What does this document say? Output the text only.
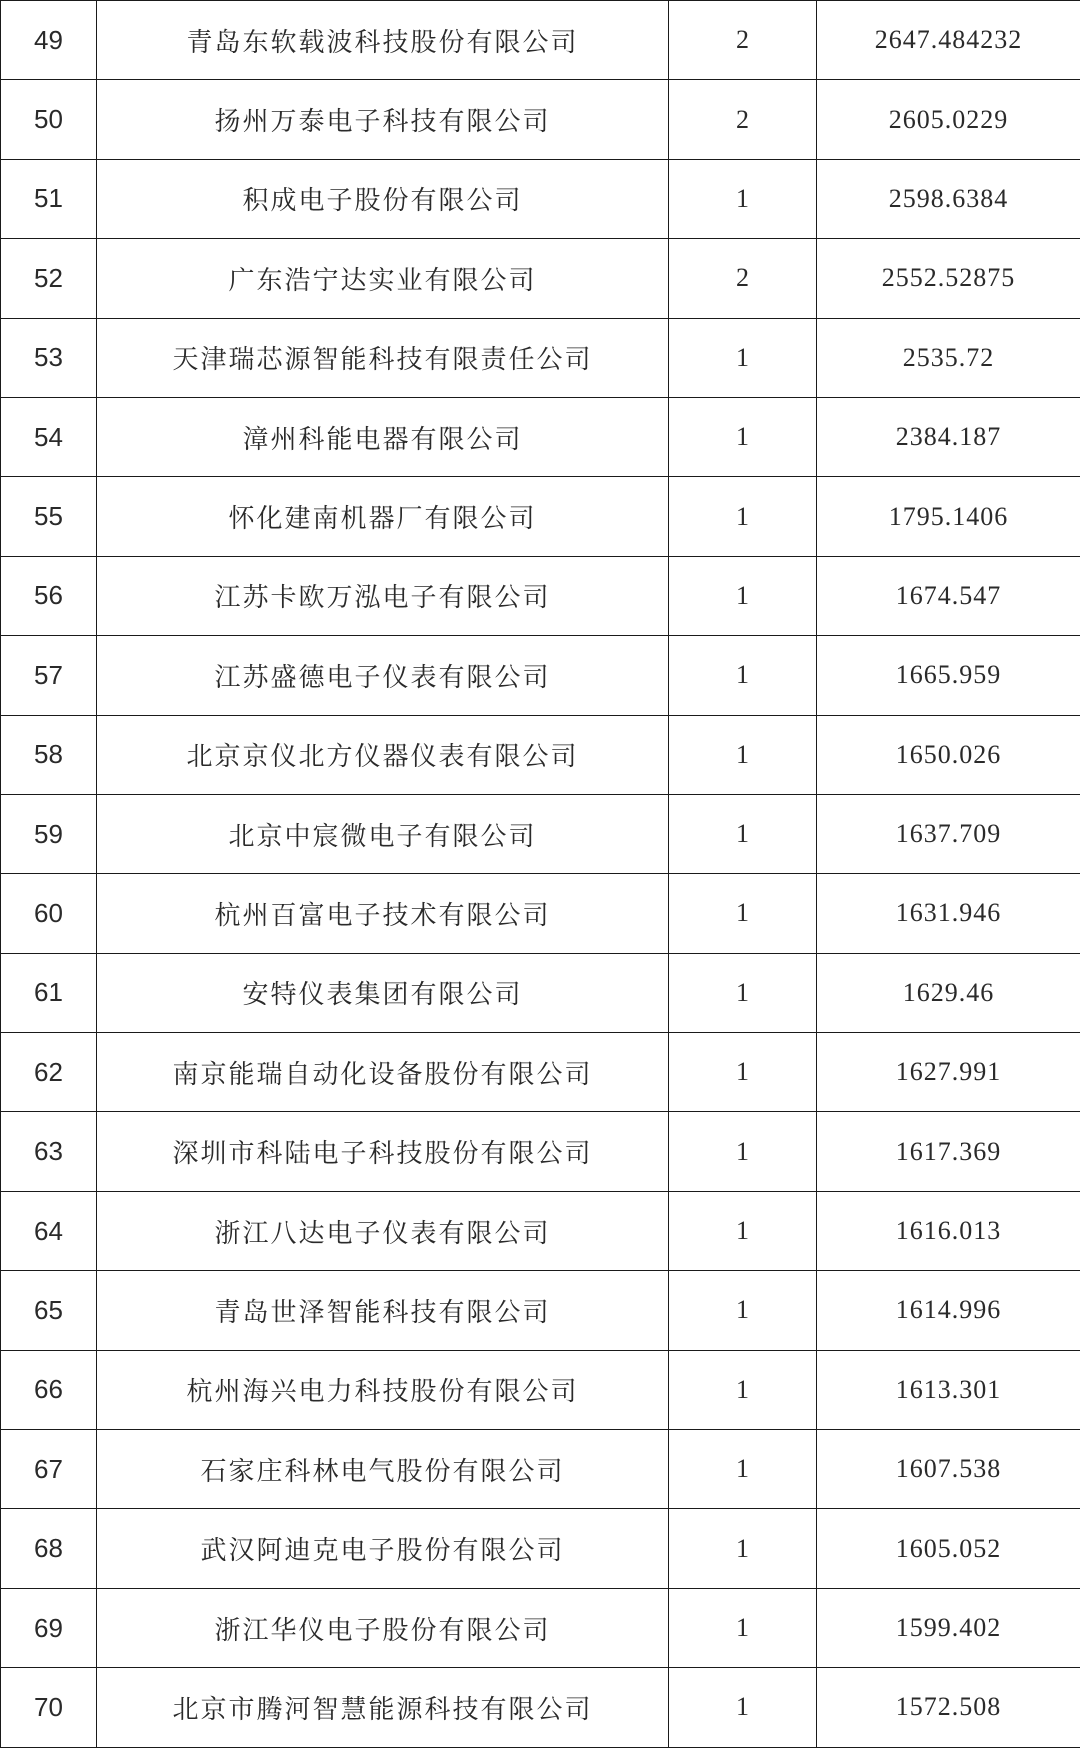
49	青岛东软载波科技股份有限公司	2	2647.484232
50	扬州万泰电子科技有限公司	2	2605.0229
51	积成电子股份有限公司	1	2598.6384
52	广东浩宁达实业有限公司	2	2552.52875
53	天津瑞芯源智能科技有限责任公司	1	2535.72
54	漳州科能电器有限公司	1	2384.187
55	怀化建南机器厂有限公司	1	1795.1406
56	江苏卡欧万泓电子有限公司	1	1674.547
57	江苏盛德电子仪表有限公司	1	1665.959
58	北京京仪北方仪器仪表有限公司	1	1650.026
59	北京中宸微电子有限公司	1	1637.709
60	杭州百富电子技术有限公司	1	1631.946
61	安特仪表集团有限公司	1	1629.46
62	南京能瑞自动化设备股份有限公司	1	1627.991
63	深圳市科陆电子科技股份有限公司	1	1617.369
64	浙江八达电子仪表有限公司	1	1616.013
65	青岛世泽智能科技有限公司	1	1614.996
66	杭州海兴电力科技股份有限公司	1	1613.301
67	石家庄科林电气股份有限公司	1	1607.538
68	武汉阿迪克电子股份有限公司	1	1605.052
69	浙江华仪电子股份有限公司	1	1599.402
70	北京市腾河智慧能源科技有限公司	1	1572.508
